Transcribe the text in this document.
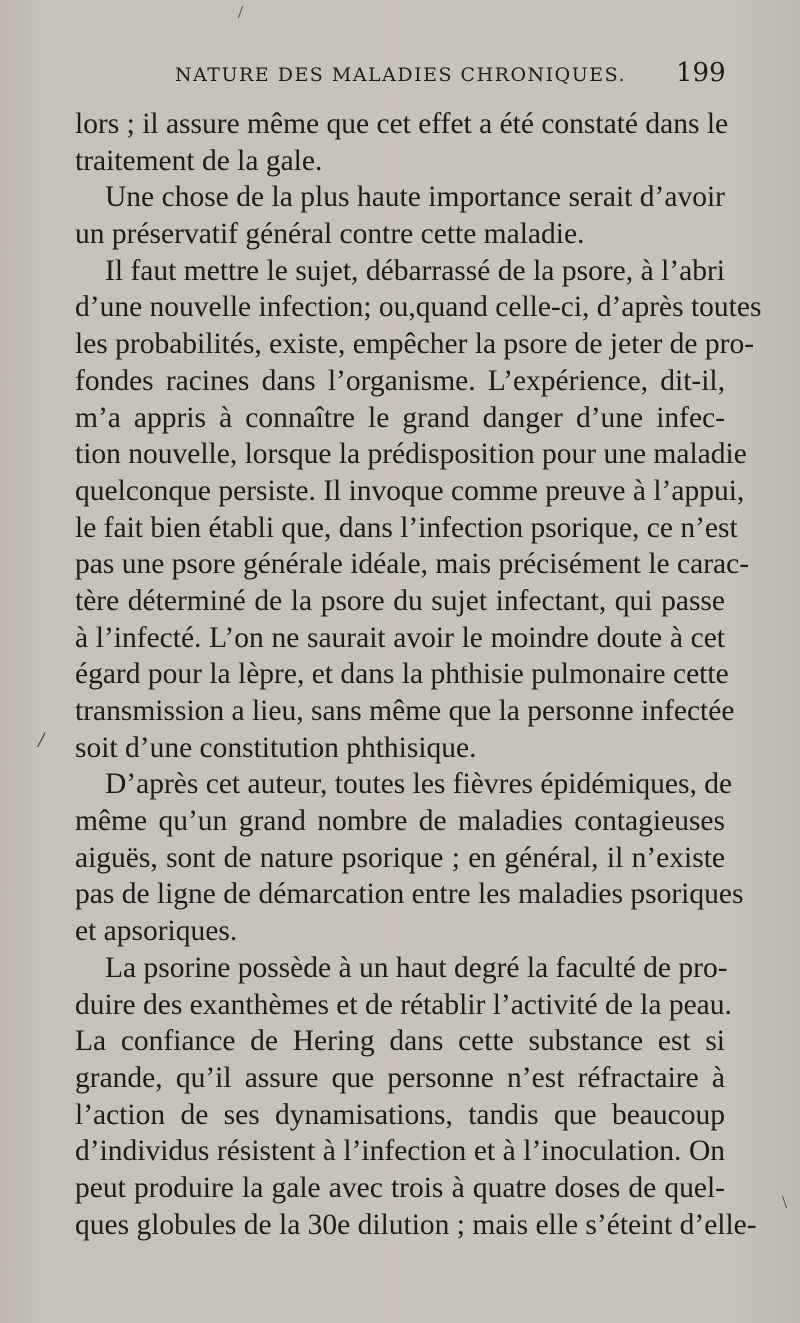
/
NATURE DES MALADIES CHRONIQUES. 199
/
\
lors ; il assure même que cet effet a été constaté dans le
traitement de la gale.
Une chose de la plus haute importance serait d’avoir
un préservatif général contre cette maladie.
Il faut mettre le sujet, débarrassé de la psore, à l’abri
d’une nouvelle infection; ou,quand celle-ci, d’après toutes
les probabilités, existe, empêcher la psore de jeter de pro-
fondes racines dans l’organisme. L’expérience, dit-il,
m’a appris à connaître le grand danger d’une infec-
tion nouvelle, lorsque la prédisposition pour une maladie
quelconque persiste. Il invoque comme preuve à l’appui,
le fait bien établi que, dans l’infection psorique, ce n’est
pas une psore générale idéale, mais précisément le carac-
tère déterminé de la psore du sujet infectant, qui passe
à l’infecté. L’on ne saurait avoir le moindre doute à cet
égard pour la lèpre, et dans la phthisie pulmonaire cette
transmission a lieu, sans même que la personne infectée
soit d’une constitution phthisique.
D’après cet auteur, toutes les fièvres épidémiques, de
même qu’un grand nombre de maladies contagieuses
aiguës, sont de nature psorique ; en général, il n’existe
pas de ligne de démarcation entre les maladies psoriques
et apsoriques.
La psorine possède à un haut degré la faculté de pro-
duire des exanthèmes et de rétablir l’activité de la peau.
La confiance de Hering dans cette substance est si
grande, qu’il assure que personne n’est réfractaire à
l’action de ses dynamisations, tandis que beaucoup
d’individus résistent à l’infection et à l’inoculation. On
peut produire la gale avec trois à quatre doses de quel-
ques globules de la 30e dilution ; mais elle s’éteint d’elle-
